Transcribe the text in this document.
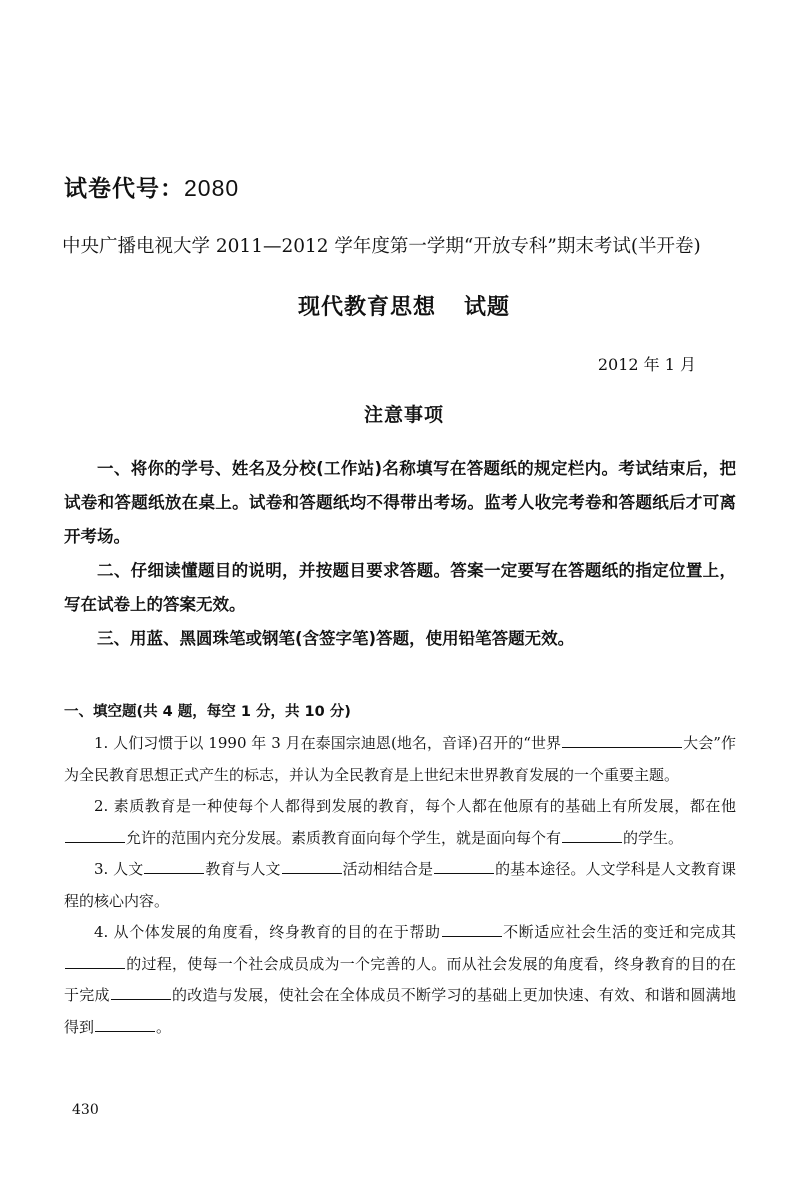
试卷代号：2080
中央广播电视大学 2011—2012 学年度第一学期“开放专科”期末考试(半开卷)
现代教育思想 试题
2012 年 1 月
注意事项

一、将你的学号、姓名及分校(工作站)名称填写在答题纸的规定栏内。考试结束后，把试卷和答题纸放在桌上。试卷和答题纸均不得带出考场。监考人收完考卷和答题纸后才可离开考场。

二、仔细读懂题目的说明，并按题目要求答题。答案一定要写在答题纸的指定位置上，写在试卷上的答案无效。

三、用蓝、黑圆珠笔或钢笔(含签字笔)答题，使用铅笔答题无效。

一、填空题(共 4 题，每空 1 分，共 10 分)

1. 人们习惯于以 1990 年 3 月在泰国宗迪恩(地名，音译)召开的“世界	大会”作为全民教育思想正式产生的标志，并认为全民教育是上世纪末世界教育发展的一个重要主题。

2. 素质教育是一种使每个人都得到发展的教育，每个人都在他原有的基础上有所发展，都在他允许的范围内充分发展。素质教育面向每个学生，就是面向每个有	的学生。

3. 人文	教育与人文	活动相结合是	的基本途径。人文学科是人文教育课程的核心内容。

4. 从个体发展的角度看，终身教育的目的在于帮助	不断适应社会生活的变迁和完成其的过程，使每一个社会成员成为一个完善的人。而从社会发展的角度看，终身教育的目的在于完成	的改造与发展，使社会在全体成员不断学习的基础上更加快速、有效、和谐和圆满地得到	。

430
